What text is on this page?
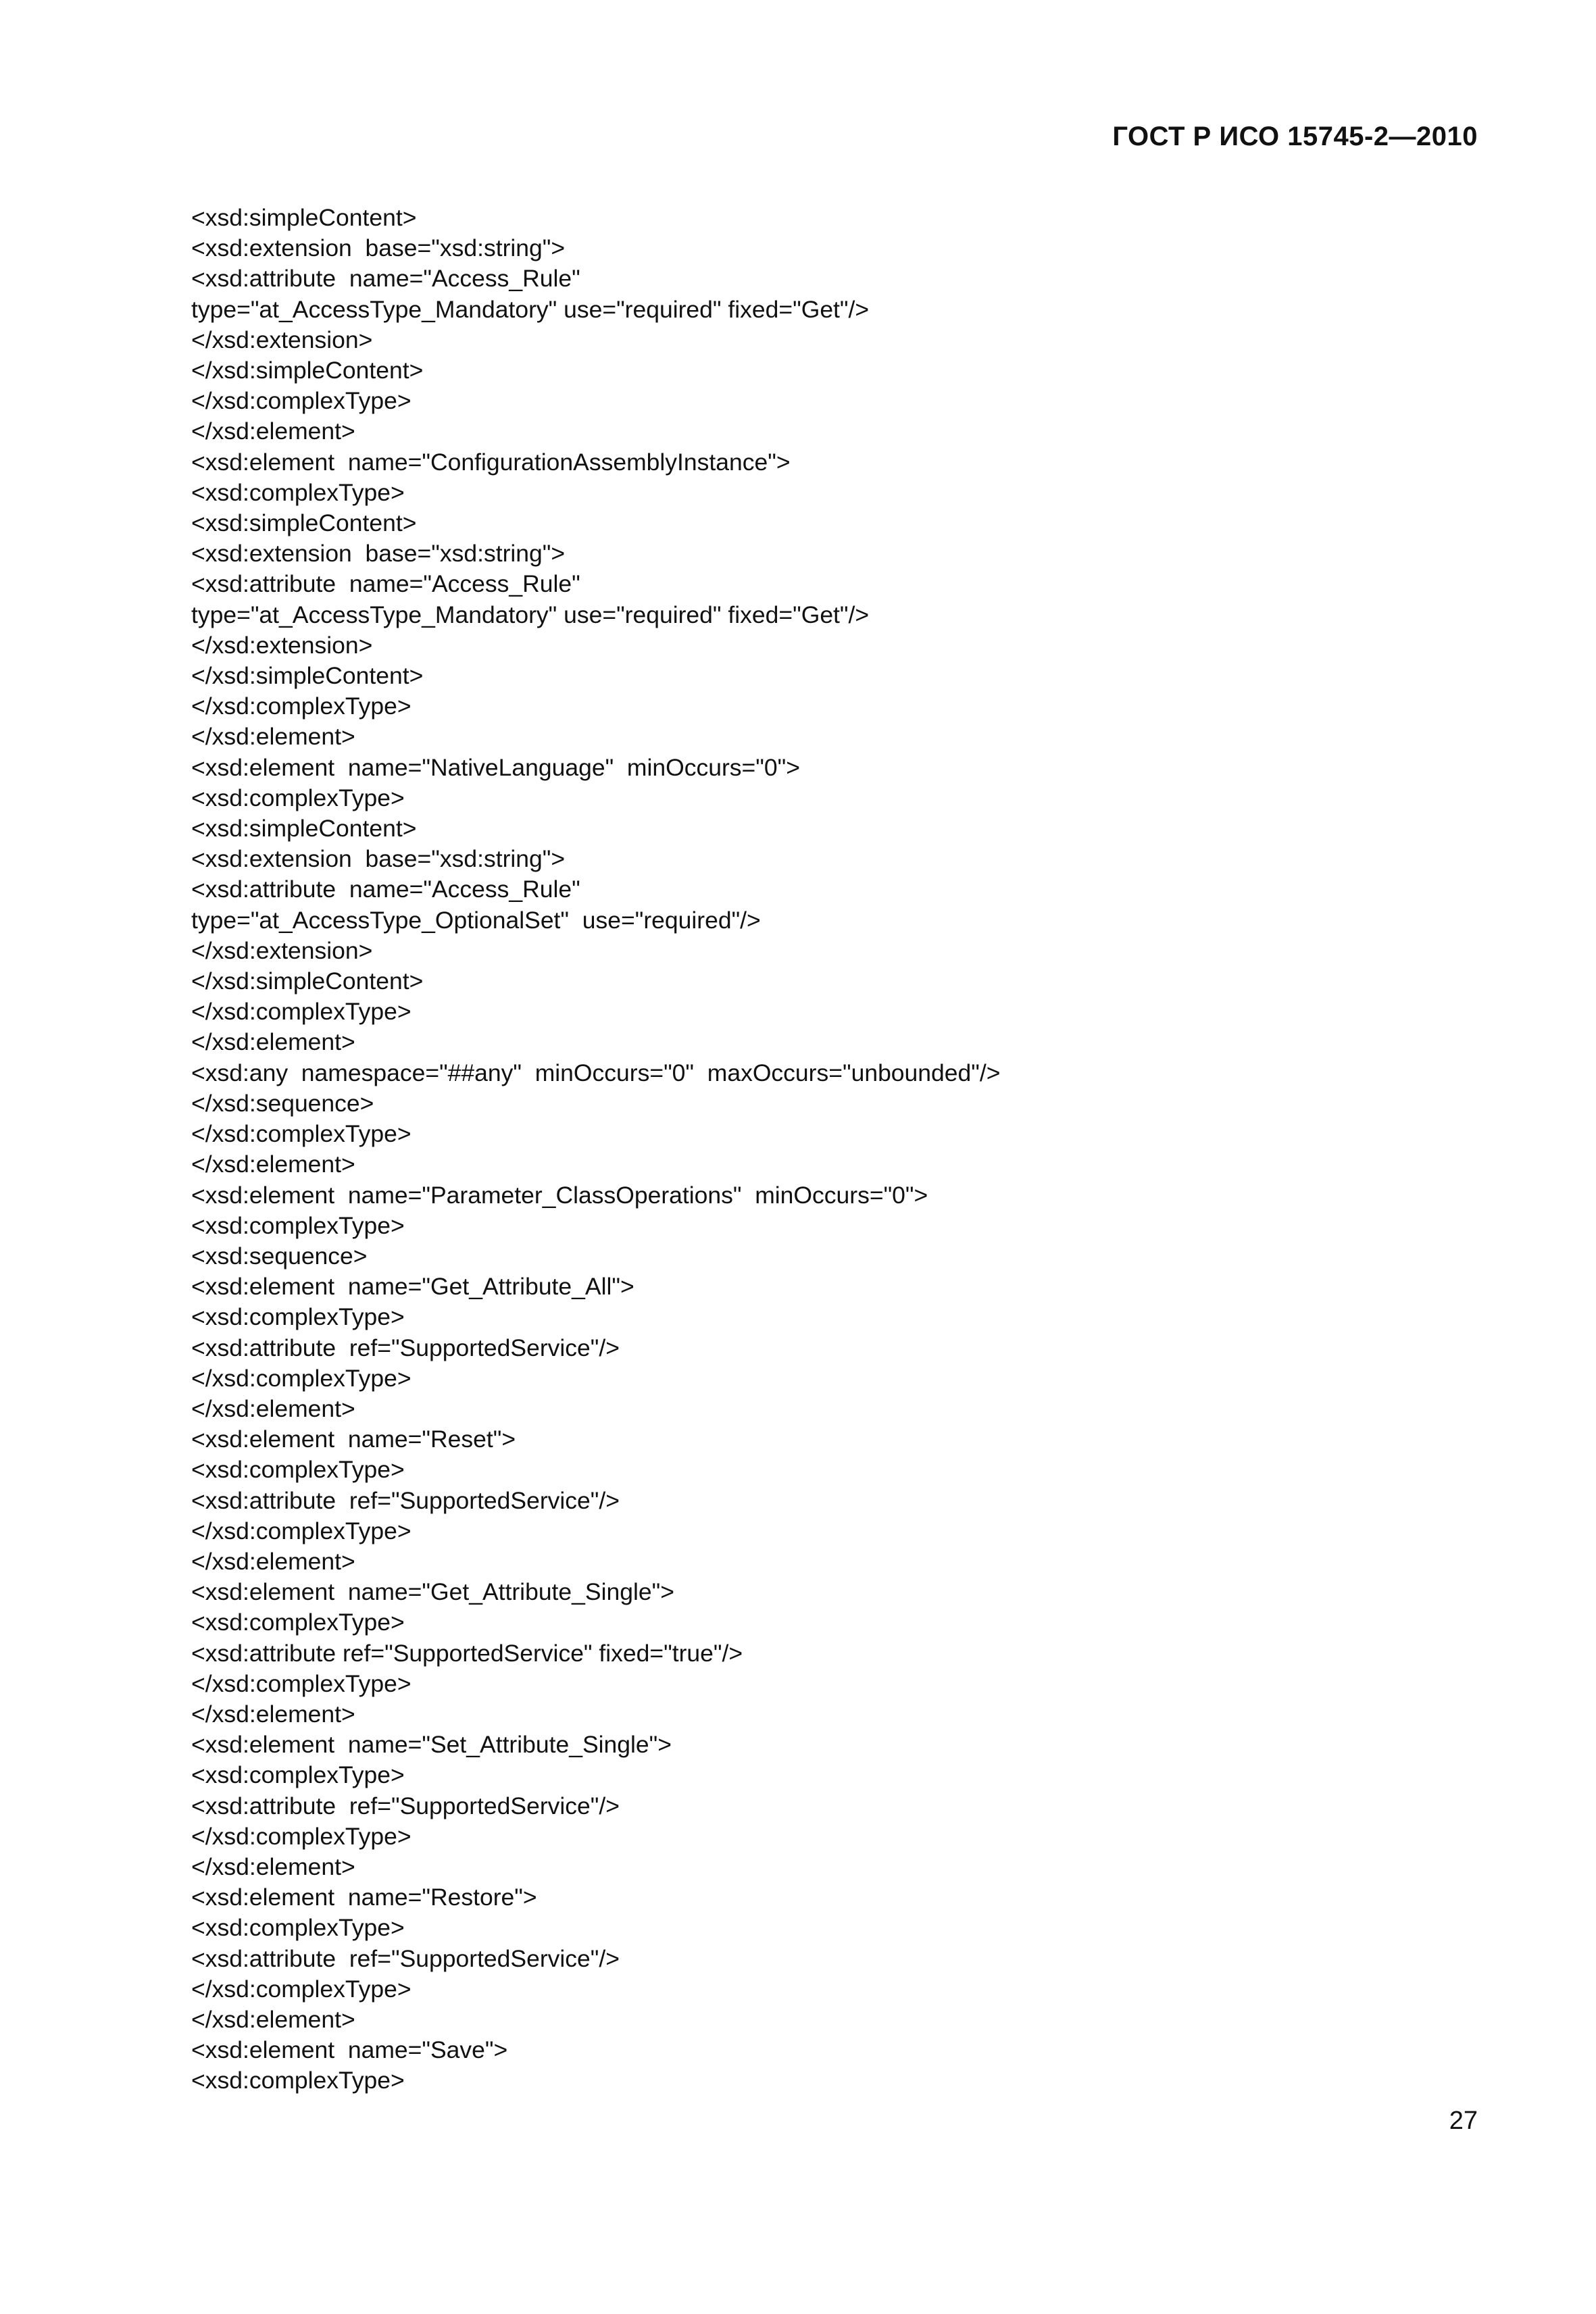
ГОСТ Р ИСО 15745-2—2010
<xsd:simpleContent>
<xsd:extension  base="xsd:string">
<xsd:attribute  name="Access_Rule"
type="at_AccessType_Mandatory" use="required" fixed="Get"/>
</xsd:extension>
</xsd:simpleContent>
</xsd:complexType>
</xsd:element>
<xsd:element  name="ConfigurationAssemblyInstance">
<xsd:complexType>
<xsd:simpleContent>
<xsd:extension  base="xsd:string">
<xsd:attribute  name="Access_Rule"
type="at_AccessType_Mandatory" use="required" fixed="Get"/>
</xsd:extension>
</xsd:simpleContent>
</xsd:complexType>
</xsd:element>
<xsd:element  name="NativeLanguage"  minOccurs="0">
<xsd:complexType>
<xsd:simpleContent>
<xsd:extension  base="xsd:string">
<xsd:attribute  name="Access_Rule"
type="at_AccessType_OptionalSet"  use="required"/>
</xsd:extension>
</xsd:simpleContent>
</xsd:complexType>
</xsd:element>
<xsd:any  namespace="##any"  minOccurs="0"  maxOccurs="unbounded"/>
</xsd:sequence>
</xsd:complexType>
</xsd:element>
<xsd:element  name="Parameter_ClassOperations"  minOccurs="0">
<xsd:complexType>
<xsd:sequence>
<xsd:element  name="Get_Attribute_All">
<xsd:complexType>
<xsd:attribute  ref="SupportedService"/>
</xsd:complexType>
</xsd:element>
<xsd:element  name="Reset">
<xsd:complexType>
<xsd:attribute  ref="SupportedService"/>
</xsd:complexType>
</xsd:element>
<xsd:element  name="Get_Attribute_Single">
<xsd:complexType>
<xsd:attribute ref="SupportedService" fixed="true"/>
</xsd:complexType>
</xsd:element>
<xsd:element  name="Set_Attribute_Single">
<xsd:complexType>
<xsd:attribute  ref="SupportedService"/>
</xsd:complexType>
</xsd:element>
<xsd:element  name="Restore">
<xsd:complexType>
<xsd:attribute  ref="SupportedService"/>
</xsd:complexType>
</xsd:element>
<xsd:element  name="Save">
<xsd:complexType>
27
